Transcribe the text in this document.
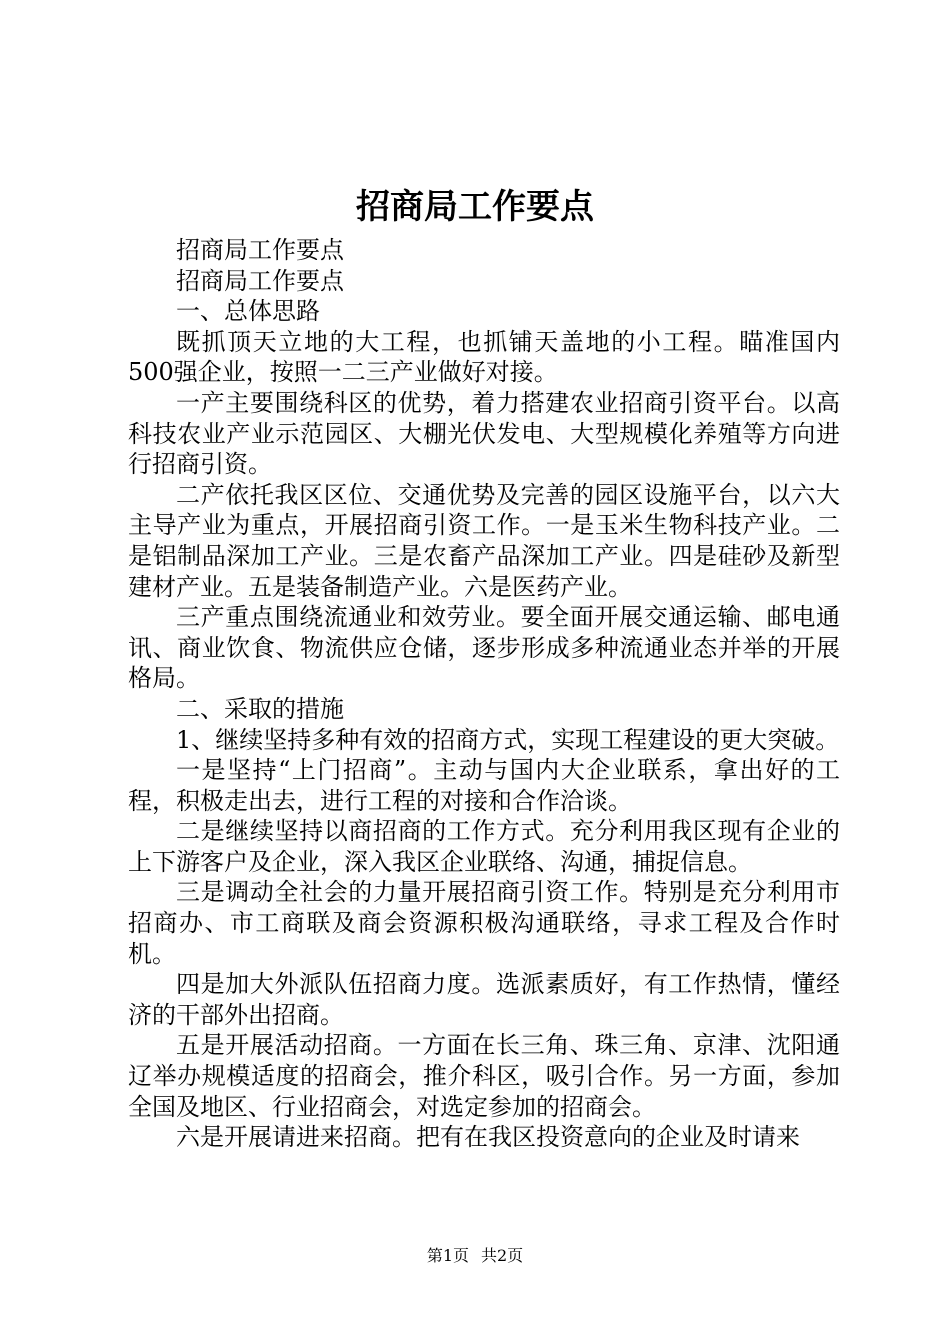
招商局工作要点

招商局工作要点

招商局工作要点

一、总体思路

既抓顶天立地的大工程，也抓铺天盖地的小工程。瞄准国内500强企业，按照一二三产业做好对接。

一产主要围绕科区的优势，着力搭建农业招商引资平台。以高科技农业产业示范园区、大棚光伏发电、大型规模化养殖等方向进行招商引资。

二产依托我区区位、交通优势及完善的园区设施平台，以六大主导产业为重点，开展招商引资工作。一是玉米生物科技产业。二是铝制品深加工产业。三是农畜产品深加工产业。四是硅砂及新型建材产业。五是装备制造产业。六是医药产业。

三产重点围绕流通业和效劳业。要全面开展交通运输、邮电通讯、商业饮食、物流供应仓储，逐步形成多种流通业态并举的开展格局。

二、采取的措施

1、继续坚持多种有效的招商方式，实现工程建设的更大突破。

一是坚持“上门招商”。主动与国内大企业联系，拿出好的工程，积极走出去，进行工程的对接和合作洽谈。

二是继续坚持以商招商的工作方式。充分利用我区现有企业的上下游客户及企业，深入我区企业联络、沟通，捕捉信息。

三是调动全社会的力量开展招商引资工作。特别是充分利用市招商办、市工商联及商会资源积极沟通联络，寻求工程及合作时机。

四是加大外派队伍招商力度。选派素质好，有工作热情，懂经济的干部外出招商。

五是开展活动招商。一方面在长三角、珠三角、京津、沈阳通辽举办规模适度的招商会，推介科区，吸引合作。另一方面，参加全国及地区、行业招商会，对选定参加的招商会。

六是开展请进来招商。把有在我区投资意向的企业及时请来

第1页 共2页
